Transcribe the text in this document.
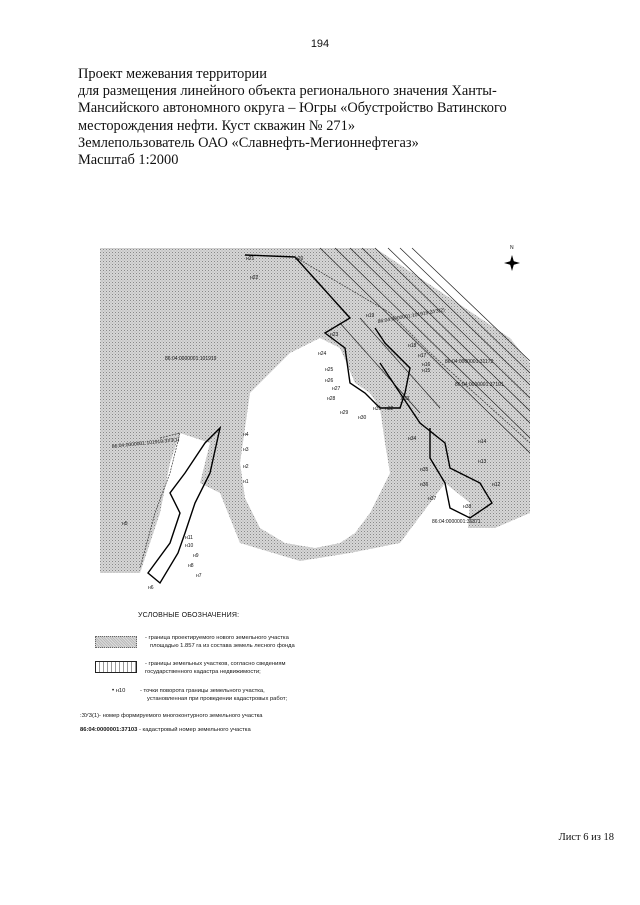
194
Проект межевания территории
для размещения линейного объекта регионального значения Ханты-
Мансийского автономного округа – Югры «Обустройство Ватинского
месторождения нефти. Куст скважин № 271»
Землепользователь ОАО «Славнефть-Мегионнефтегаз»
Масштаб 1:2000
N
86:04:0000001:101919
86:04:0000001:101919:ЗУ3(2)
86:04:0000001:31172
86:04:0000001:37101
86:04:0000001:101919:ЗУ3(1)
86:04:0000001:36871
н21	н20
н22
н19
н23
н24
н25
н26
н27
н28
н29
н30
н31 н32
н33
н34
н35
н36
н37
н38
н18
н17
н16
н15
н14
н13
н12
н4
н3
н2
н1
н5
н11
н10
н9
н8
н7
н6
УСЛОВНЫЕ ОБОЗНАЧЕНИЯ:
- граница проектируемого нового земельного участка
площадью 1.857 га из состава земель лесного фонда
- границы земельных участков, согласно сведениям
государственного кадастра недвижимости;
• н10	- точки поворота границы земельного участка,
установленная при проведении кадастровых работ;
:ЗУ3(1)- номер формируемого многоконтурного земельного участка
86:04:0000001:37103 - кадастровый номер земельного участка
Лист 6 из 18
